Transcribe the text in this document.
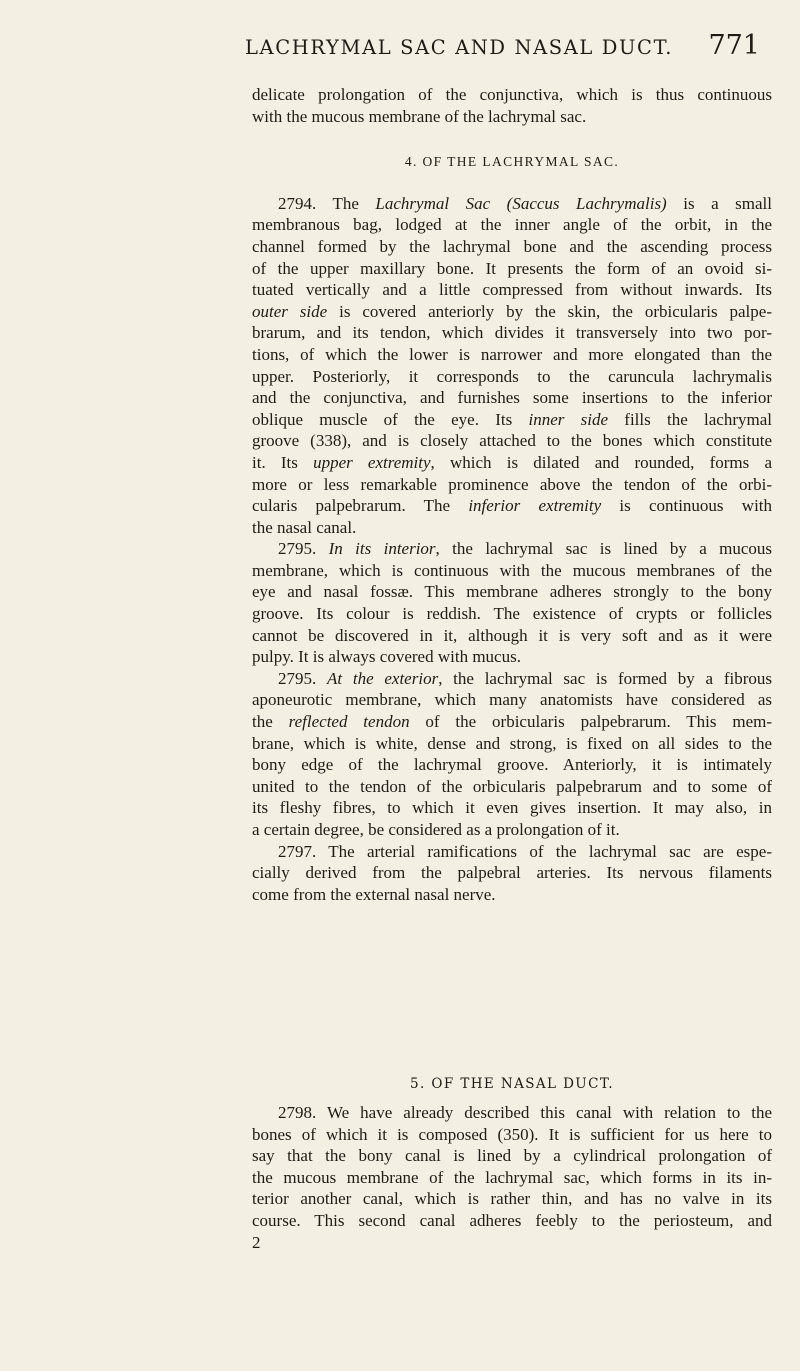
LACHRYMAL SAC AND NASAL DUCT. 771
delicate prolongation of the conjunctiva, which is thus continuous
with the mucous membrane of the lachrymal sac.
4. OF THE LACHRYMAL SAC.
2794. The Lachrymal Sac (Saccus Lachrymalis) is a small
membranous bag, lodged at the inner angle of the orbit, in the
channel formed by the lachrymal bone and the ascending process
of the upper maxillary bone. It presents the form of an ovoid si-
tuated vertically and a little compressed from without inwards. Its
outer side is covered anteriorly by the skin, the orbicularis palpe-
brarum, and its tendon, which divides it transversely into two por-
tions, of which the lower is narrower and more elongated than the
upper. Posteriorly, it corresponds to the caruncula lachrymalis
and the conjunctiva, and furnishes some insertions to the inferior
oblique muscle of the eye. Its inner side fills the lachrymal
groove (338), and is closely attached to the bones which constitute
it. Its upper extremity, which is dilated and rounded, forms a
more or less remarkable prominence above the tendon of the orbi-
cularis palpebrarum. The inferior extremity is continuous with
the nasal canal.
2795. In its interior, the lachrymal sac is lined by a mucous
membrane, which is continuous with the mucous membranes of the
eye and nasal fossæ. This membrane adheres strongly to the bony
groove. Its colour is reddish. The existence of crypts or follicles
cannot be discovered in it, although it is very soft and as it were
pulpy. It is always covered with mucus.
2795. At the exterior, the lachrymal sac is formed by a fibrous
aponeurotic membrane, which many anatomists have considered as
the reflected tendon of the orbicularis palpebrarum. This mem-
brane, which is white, dense and strong, is fixed on all sides to the
bony edge of the lachrymal groove. Anteriorly, it is intimately
united to the tendon of the orbicularis palpebrarum and to some of
its fleshy fibres, to which it even gives insertion. It may also, in
a certain degree, be considered as a prolongation of it.
2797. The arterial ramifications of the lachrymal sac are espe-
cially derived from the palpebral arteries. Its nervous filaments
come from the external nasal nerve.
5. OF THE NASAL DUCT.
2798. We have already described this canal with relation to the
bones of which it is composed (350). It is sufficient for us here to
say that the bony canal is lined by a cylindrical prolongation of
the mucous membrane of the lachrymal sac, which forms in its in-
terior another canal, which is rather thin, and has no valve in its
course. This second canal adheres feebly to the periosteum, and
2
